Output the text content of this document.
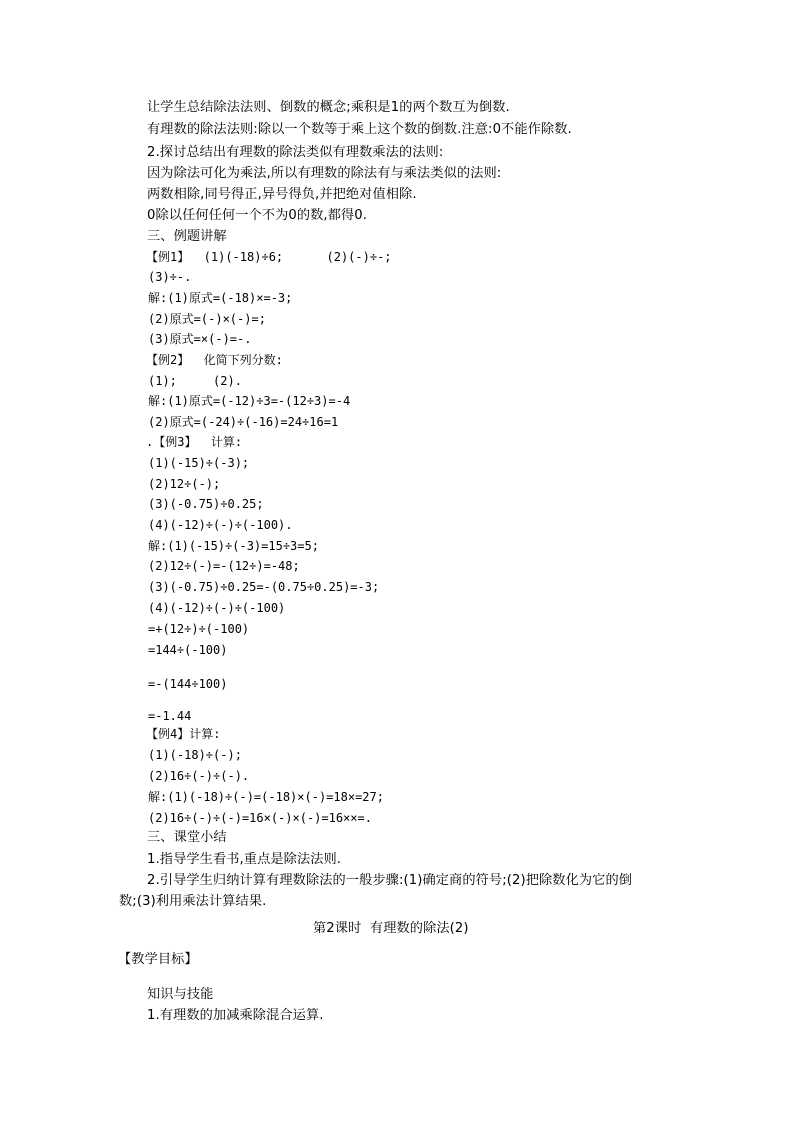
让学生总结除法法则、倒数的概念;乘积是1的两个数互为倒数.
有理数的除法法则:除以一个数等于乘上这个数的倒数.注意:0不能作除数.
2.探讨总结出有理数的除法类似有理数乘法的法则:
因为除法可化为乘法,所以有理数的除法有与乘法类似的法则:
两数相除,同号得正,异号得负,并把绝对值相除.
0除以任何任何一个不为0的数,都得0.
三、例题讲解
【例1】  (1)(-18)÷6;      (2)(-)÷-;
(3)÷-.
解:(1)原式=(-18)×=-3;
(2)原式=(-)×(-)=;
(3)原式=×(-)=-.
【例2】  化简下列分数:
(1);     (2).
解:(1)原式=(-12)÷3=-(12÷3)=-4
(2)原式=(-24)÷(-16)=24÷16=1
.【例3】  计算:
(1)(-15)÷(-3);
(2)12÷(-);
(3)(-0.75)÷0.25;
(4)(-12)÷(-)÷(-100).
解:(1)(-15)÷(-3)=15÷3=5;
(2)12÷(-)=-(12÷)=-48;
(3)(-0.75)÷0.25=-(0.75÷0.25)=-3;
(4)(-12)÷(-)÷(-100)
=+(12÷)÷(-100)
=144÷(-100)
=-(144÷100)
=-1.44
【例4】计算:
(1)(-18)÷(-);
(2)16÷(-)÷(-).
解:(1)(-18)÷(-)=(-18)×(-)=18×=27;
(2)16÷(-)÷(-)=16×(-)×(-)=16××=.
三、课堂小结
1.指导学生看书,重点是除法法则.
2.引导学生归纳计算有理数除法的一般步骤:(1)确定商的符号;(2)把除数化为它的倒
数;(3)利用乘法计算结果.
第2课时  有理数的除法(2)
【教学目标】
知识与技能
1.有理数的加减乘除混合运算.
